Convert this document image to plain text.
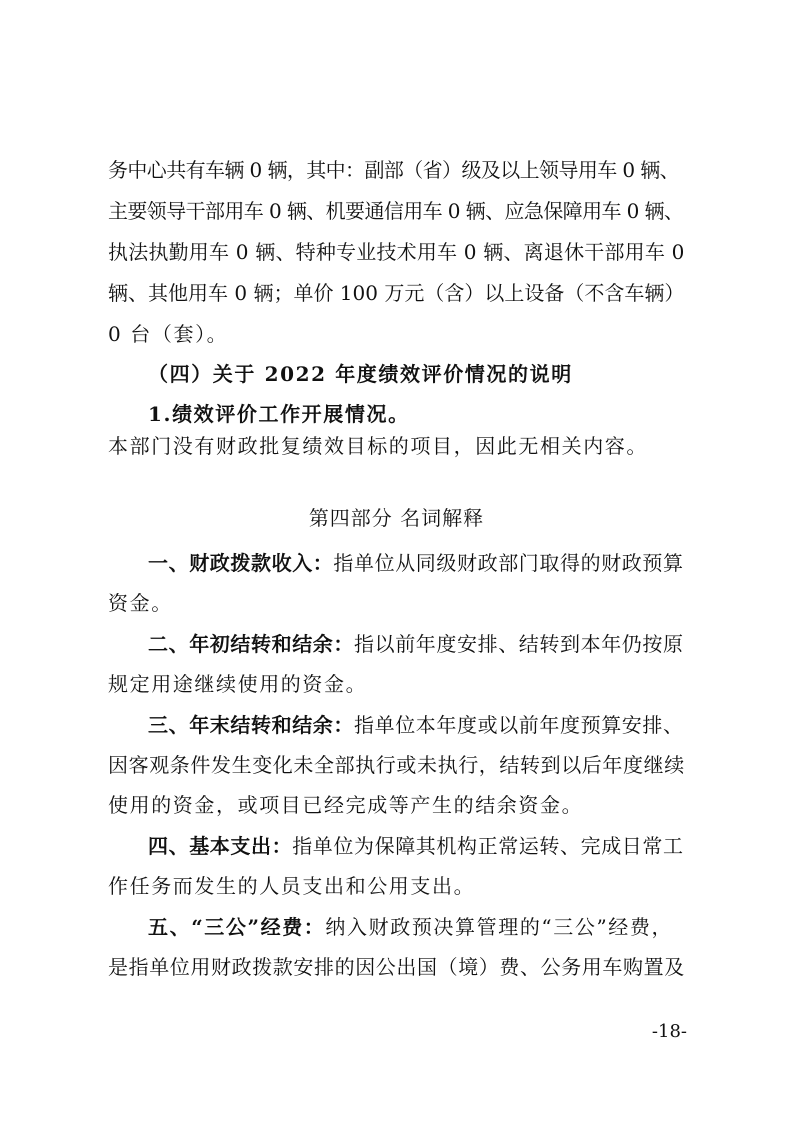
务中心共有车辆 0 辆，其中：副部（省）级及以上领导用车 0 辆、
主要领导干部用车 0 辆、机要通信用车 0 辆、应急保障用车 0 辆、
执法执勤用车 0 辆、特种专业技术用车 0 辆、离退休干部用车 0
辆、其他用车 0 辆；单价 100 万元（含）以上设备（不含车辆）
0 台（套）。
（四）关于 2022 年度绩效评价情况的说明
1.绩效评价工作开展情况。
本部门没有财政批复绩效目标的项目，因此无相关内容。
第四部分 名词解释
一、财政拨款收入：指单位从同级财政部门取得的财政预算
资金。
二、年初结转和结余：指以前年度安排、结转到本年仍按原
规定用途继续使用的资金。
三、年末结转和结余：指单位本年度或以前年度预算安排、
因客观条件发生变化未全部执行或未执行，结转到以后年度继续
使用的资金，或项目已经完成等产生的结余资金。
四、基本支出：指单位为保障其机构正常运转、完成日常工
作任务而发生的人员支出和公用支出。
五、“三公”经费：纳入财政预决算管理的“三公”经费，
是指单位用财政拨款安排的因公出国（境）费、公务用车购置及
-18-
